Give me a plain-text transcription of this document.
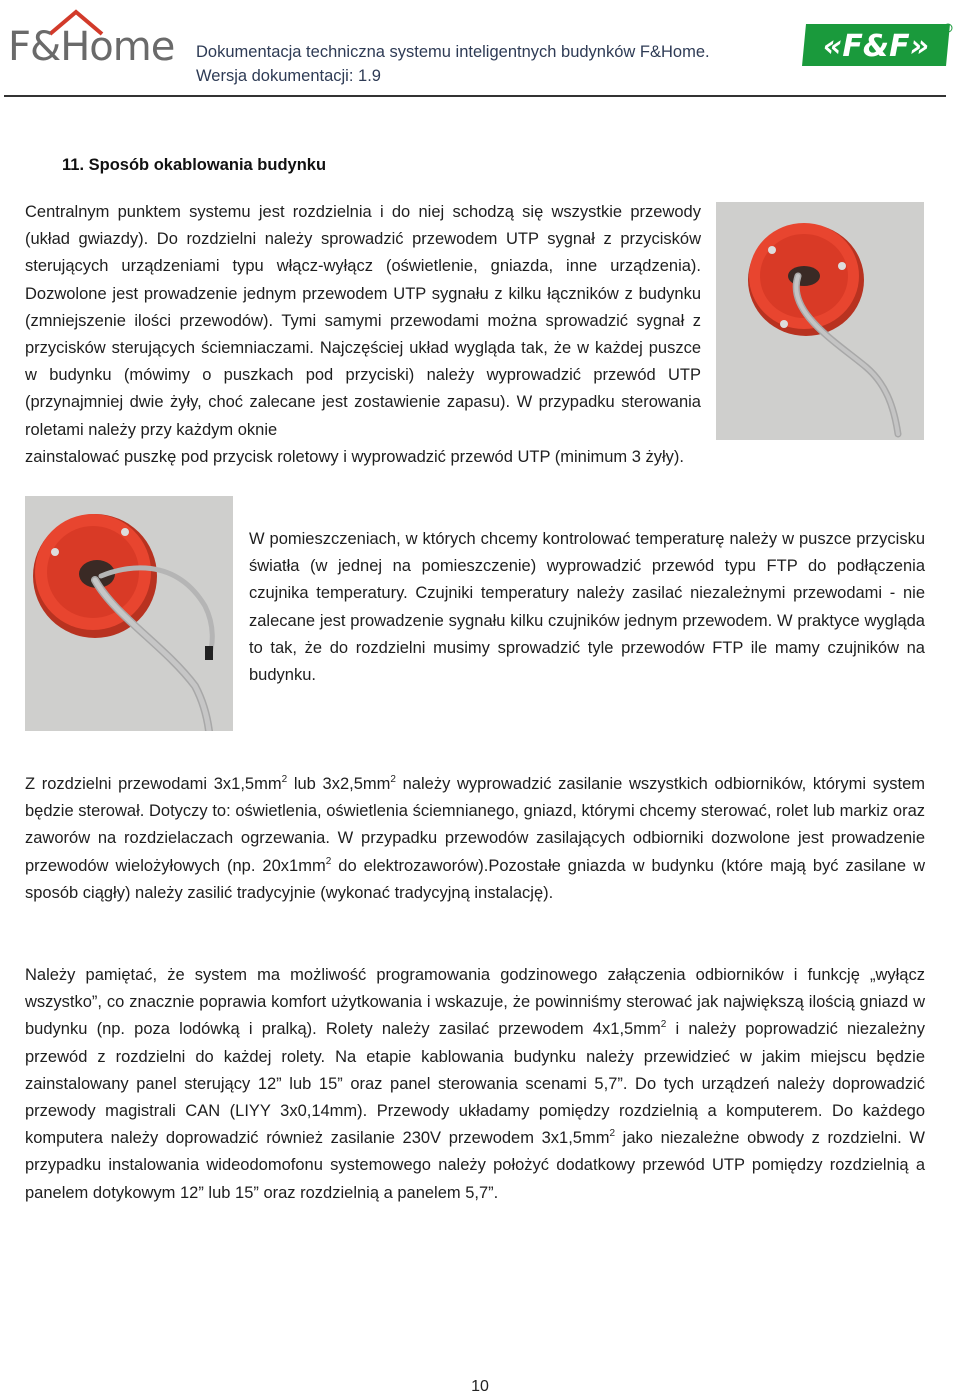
F&Home Dokumentacja techniczna systemu inteligentnych budynków F&Home.
Wersja dokumentacji: 1.9
«F&F»
11. Sposób okablowania budynku

Centralnym punktem systemu jest rozdzielnia i do niej schodzą się wszystkie przewody (układ gwiazdy). Do rozdzielni należy sprowadzić przewodem UTP sygnał z przycisków sterujących urządzeniami typu włącz-wyłącz (oświetlenie, gniazda, inne urządzenia). Dozwolone jest prowadzenie jednym przewodem UTP sygnału z kilku łączników z budynku (zmniejszenie ilości przewodów). Tymi samymi przewodami można sprowadzić sygnał z przycisków sterujących ściemniaczami. Najczęściej układ wygląda tak, że w każdej puszce w budynku (mówimy o puszkach pod przyciski) należy wyprowadzić przewód UTP (przynajmniej dwie żyły, choć zalecane jest zostawienie zapasu). W przypadku sterowania roletami należy przy każdym oknie

zainstalować puszkę pod przycisk roletowy i wyprowadzić przewód UTP (minimum 3 żyły).

W pomieszczeniach, w których chcemy kontrolować temperaturę należy w puszce przycisku światła (w jednej na pomieszczenie) wyprowadzić przewód typu FTP do podłączenia czujnika temperatury. Czujniki temperatury należy zasilać niezależnymi przewodami - nie zalecane jest prowadzenie sygnału kilku czujników jednym przewodem. W praktyce wygląda to tak, że do rozdzielni musimy sprowadzić tyle przewodów FTP ile mamy czujników na budynku.

Z rozdzielni przewodami $3x1,5mm^2$ lub $3x2,5mm^2$ należy wyprowadzić zasilanie wszystkich odbiorników, którymi system będzie sterował. Dotyczy to: oświetlenia, oświetlenia ściemnianego, gniazd, którymi chcemy sterować, rolet lub markiz oraz zaworów na rozdzielaczach ogrzewania. W przypadku przewodów zasilających odbiorniki dozwolone jest prowadzenie przewodów wielożyłowych (np. $20x1mm^2$ do elektrozaworów).Pozostałe gniazda w budynku (które mają być zasilane w sposób ciągły) należy zasilić tradycyjnie (wykonać tradycyjną instalację).

Należy pamiętać, że system ma możliwość programowania godzinowego załączenia odbiorników i funkcję „wyłącz wszystko”, co znacznie poprawia komfort użytkowania i wskazuje, że powinniśmy sterować jak największą ilością gniazd w budynku (np. poza lodówką i pralką). Rolety należy zasilać przewodem $4x1,5mm^2$ i należy poprowadzić niezależny przewód z rozdzielni do każdej rolety. Na etapie kablowania budynku należy przewidzieć w jakim miejscu będzie zainstalowany panel sterujący 12” lub 15” oraz panel sterowania scenami 5,7”. Do tych urządzeń należy doprowadzić przewody magistrali CAN (LIYY 3x0,14mm). Przewody układamy pomiędzy rozdzielnią a komputerem. Do każdego komputera należy doprowadzić również zasilanie 230V przewodem $3x1,5mm^2$ jako niezależne obwody z rozdzielni. W przypadku instalowania wideodomofonu systemowego należy położyć dodatkowy przewód UTP pomiędzy rozdzielnią a panelem dotykowym 12” lub 15” oraz rozdzielnią a panelem 5,7”.

10
